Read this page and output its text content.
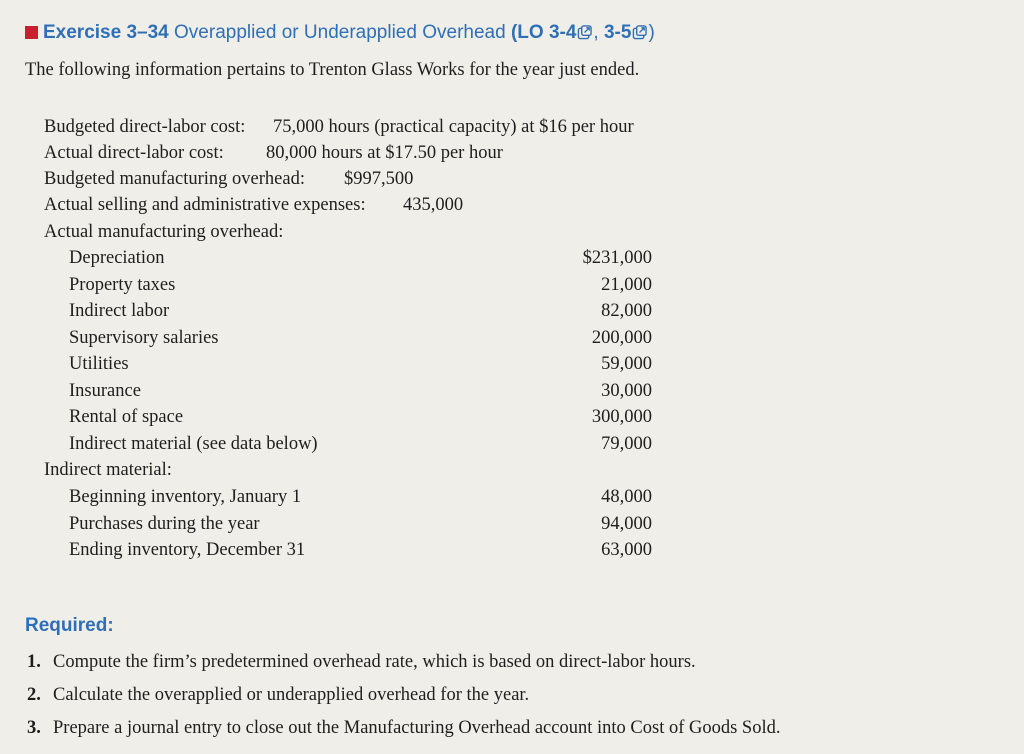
Exercise 3–34 Overapplied or Underapplied Overhead (LO 3-4 , 3-5 )
The following information pertains to Trenton Glass Works for the year just ended.
Budgeted direct-labor cost: 75,000 hours (practical capacity) at $16 per hour
Actual direct-labor cost: 80,000 hours at $17.50 per hour
Budgeted manufacturing overhead: $997,500
Actual selling and administrative expenses: 435,000
Actual manufacturing overhead:
Depreciation	$231,000
Property taxes	21,000
Indirect labor	82,000
Supervisory salaries	200,000
Utilities	59,000
Insurance	30,000
Rental of space	300,000
Indirect material (see data below)	79,000
Indirect material:
Beginning inventory, January 1	48,000
Purchases during the year	94,000
Ending inventory, December 31	63,000
Required:
1. Compute the firm’s predetermined overhead rate, which is based on direct-labor hours.
2. Calculate the overapplied or underapplied overhead for the year.
3. Prepare a journal entry to close out the Manufacturing Overhead account into Cost of Goods Sold.
